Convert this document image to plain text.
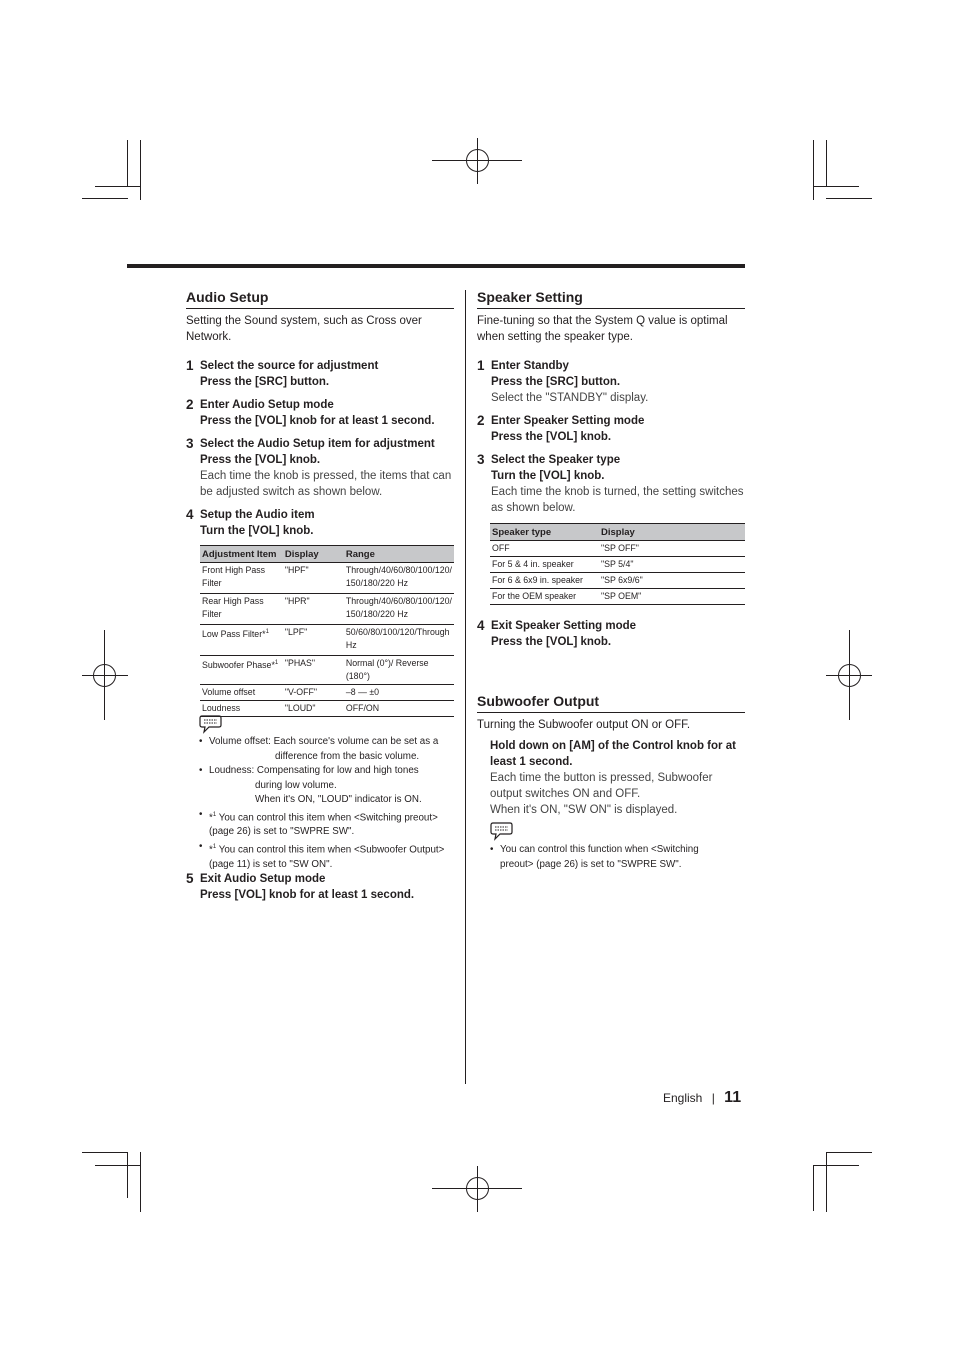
Audio Setup

Setting the Sound system, such as Cross over Network.

1 Select the source for adjustment
Press the [SRC] button.
2 Enter Audio Setup mode
Press the [VOL] knob for at least 1 second.
3 Select the Audio Setup item for adjustment
Press the [VOL] knob.
Each time the knob is pressed, the items that can be adjusted switch as shown below.
4 Setup the Audio item
Turn the [VOL] knob.
Adjustment Item	Display	Range
Front High Pass Filter	"HPF"	Through/40/60/80/100/120/ 150/180/220 Hz
Rear High Pass Filter	"HPR"	Through/40/60/80/100/120/ 150/180/220 Hz
Low Pass Filter*$^1$	"LPF"	50/60/80/100/120/Through Hz
Subwoofer Phase*$^1$	"PHAS"	Normal (0°)/ Reverse (180°)
Volume offset	"V-OFF"	–8 — ±0
Loudness	"LOUD"	OFF/ON
• Volume offset: Each source's volume can be set as a
difference from the basic volume.
• Loudness: Compensating for low and high tones
during low volume.
When it's ON, "LOUD" indicator is ON.
• *$^1$ You can control this item when <Switching preout> (page 26) is set to "SWPRE SW".
• *$^1$ You can control this item when <Subwoofer Output> (page 11) is set to "SW ON".
5 Exit Audio Setup mode
Press [VOL] knob for at least 1 second.
Speaker Setting

Fine-tuning so that the System Q value is optimal when setting the speaker type.

1 Enter Standby
Press the [SRC] button.
Select the "STANDBY" display.
2 Enter Speaker Setting mode
Press the [VOL] knob.
3 Select the Speaker type
Turn the [VOL] knob.
Each time the knob is turned, the setting switches as shown below.
Speaker type	Display
OFF	"SP OFF"
For 5 & 4 in. speaker	"SP 5/4"
For 6 & 6x9 in. speaker	"SP 6x9/6"
For the OEM speaker	"SP OEM"
4 Exit Speaker Setting mode
Press the [VOL] knob.
Subwoofer Output

Turning the Subwoofer output ON or OFF.

Hold down on [AM] of the Control knob for at least 1 second.
Each time the button is pressed, Subwoofer output switches ON and OFF.
When it's ON, "SW ON" is displayed.
• You can control this function when <Switching preout> (page 26) is set to "SWPRE SW".
English | 11
